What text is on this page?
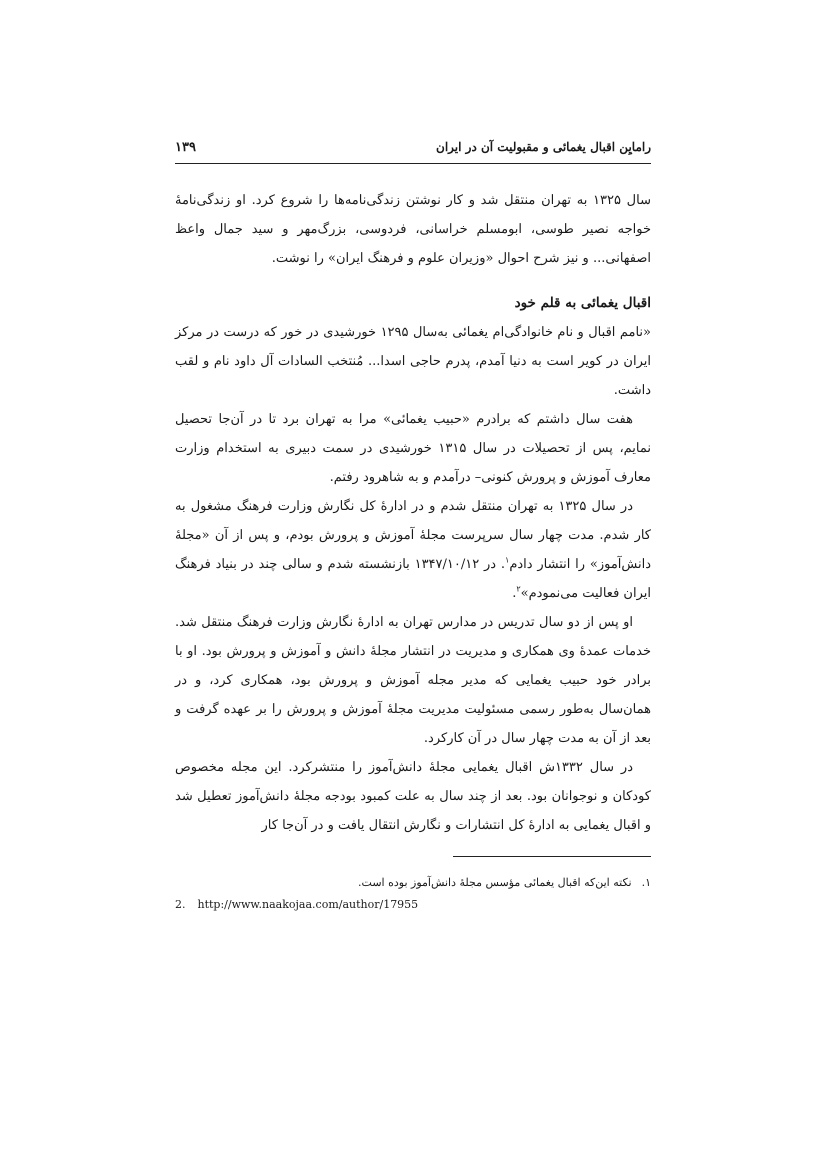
رامایِن اقبال یغمائی و مقبولیت آن در ایران
۱۳۹

سال ۱۳۲۵ به تهران منتقل شد و کار نوشتن زندگی‌نامه‌ها را شروع کرد. او زندگی‌نامهٔ خواجه نصیر طوسی، ابومسلم خراسانی، فردوسی، بزرگ‌مهر و سید جمال واعظ اصفهانی... و نیز شرح احوال «وزیران علوم و فرهنگ ایران» را نوشت.

اقبال یغمائی به قلم خود

«نامم اقبال و نام خانوادگی‌ام یغمائی به‌سال ۱۲۹۵ خورشیدی در خور که درست در مرکز ایران در کویر است به دنیا آمدم، پدرم حاجی اسدا... مُنتخب السادات آل داود نام و لقب داشت.

هفت سال داشتم که برادرم «حبیب یغمائی» مرا به تهران برد تا در آن‌جا تحصیل نمایم، پس از تحصیلات در سال ۱۳۱۵ خورشیدی در سمت دبیری به استخدام وزارت معارف آموزش و پرورش کنونی– درآمدم و به شاهرود رفتم.

در سال ۱۳۲۵ به تهران منتقل شدم و در ادارهٔ کل نگارش وزارت فرهنگ مشغول به کار شدم. مدت چهار سال سرپرست مجلهٔ آموزش و پرورش بودم، و پس از آن «مجلهٔ دانش‌آموز» را انتشار دادم$^۱$. در ۱۳۴۷/۱۰/۱۲ بازنشسته شدم و سالی چند در بنیاد فرهنگ ایران فعالیت می‌نمودم»$^۲$.

او پس از دو سال تدریس در مدارس تهران به ادارهٔ نگارش وزارت فرهنگ منتقل شد. خدمات عمدهٔ وی همکاری و مدیریت در انتشار مجلهٔ دانش و آموزش و پرورش بود. او با برادر خود حبیب یغمایی که مدیر مجله آموزش و پرورش بود، همکاری کرد، و در همان‌سال به‌طور رسمی مسئولیت مدیریت مجلهٔ آموزش و پرورش را بر عهده گرفت و بعد از آن به مدت چهار سال در آن کارکرد.

در سال ۱۳۳۲ش اقبال یغمایی مجلهٔ دانش‌آموز را منتشرکرد. این مجله مخصوص کودکان و نوجوانان بود. بعد از چند سال به علت کمبود بودجه مجلهٔ دانش‌آموز تعطیل شد و اقبال یغمایی به ادارهٔ کل انتشارات و نگارش انتقال یافت و در آن‌جا کار

۱.نکته این‌که اقبال یغمائی مؤسس مجلهٔ دانش‌آموز بوده است.
2. http://www.naakojaa.com/author/17955
